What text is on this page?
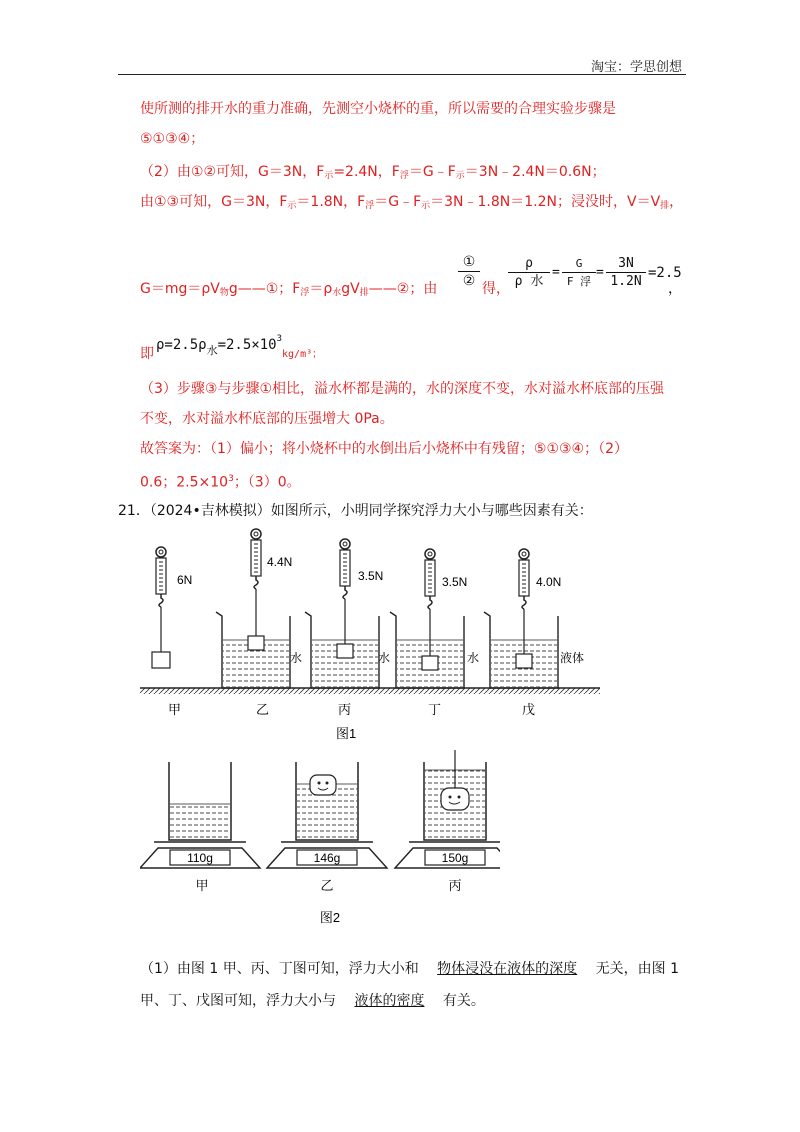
淘宝：学思创想
使所测的排开水的重力准确，先测空小烧杯的重，所以需要的合理实验步骤是
⑤①③④；
（2）由①②可知，G＝3N，$F_示=2.4N$，$F_浮=G﹣F_示=3N﹣2.4N=0.6N$；
由①③可知，G＝3N，$F_示=1.8N$，$F_浮=G﹣F_示=3N﹣1.8N=1.2N$；浸没时，$V=V_排$，
$G=mg=\rho V_物g——①$；$F_浮=\rho_水gV_排——②$；由
①
② 得，
ρ
ρ 水
=
G
F 浮
=
3N
1.2N
=2.5
，
即
$\rho=2.5\rho_水=2.5\times 10^3_{kg/m^3;}$
（3）步骤③与步骤①相比，溢水杯都是满的，水的深度不变，水对溢水杯底部的压强
不变，水对溢水杯底部的压强增大 0Pa。
故答案为：（1）偏小；将小烧杯中的水倒出后小烧杯中有残留；⑤①③④；（2）
0.6；$2.5\times 10^3$；（3）0。
21．（2024•吉林模拟）如图所示，小明同学探究浮力大小与哪些因素有关：
6N
4.4N
水
3.5N
水
3.5N
水
4.0N
液体
甲	乙	丙	丁	戊
图1
110g	146g	150g
甲	乙	丙
图2
（1）由图 1 甲、丙、丁图可知，浮力大小和 物体浸没在液体的深度 无关，由图 1
甲、丁、戊图可知，浮力大小与 液体的密度 有关。
